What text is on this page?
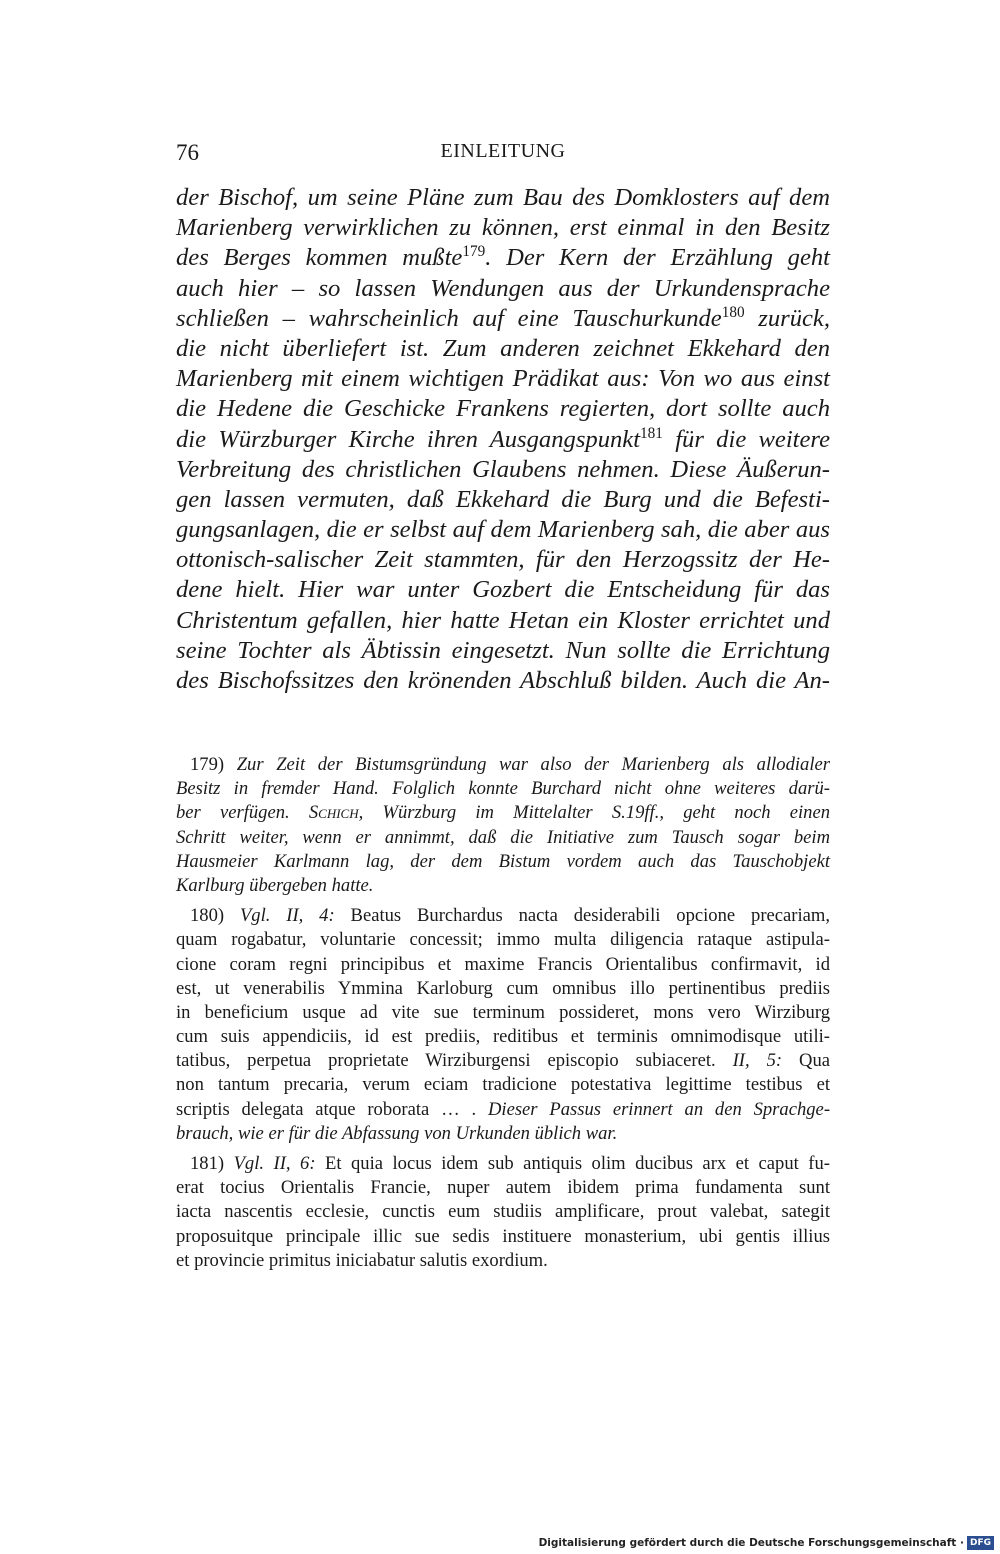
76	EINLEITUNG
der Bischof, um seine Pläne zum Bau des Domklosters auf dem
Marienberg verwirklichen zu können, erst einmal in den Besitz
des Berges kommen mußte$^{179}$. Der Kern der Erzählung geht
auch hier – so lassen Wendungen aus der Urkundensprache
schließen – wahrscheinlich auf eine Tauschurkunde$^{180}$ zurück,
die nicht überliefert ist. Zum anderen zeichnet Ekkehard den
Marienberg mit einem wichtigen Prädikat aus: Von wo aus einst
die Hedene die Geschicke Frankens regierten, dort sollte auch
die Würzburger Kirche ihren Ausgangspunkt$^{181}$ für die weitere
Verbreitung des christlichen Glaubens nehmen. Diese Äußerun-
gen lassen vermuten, daß Ekkehard die Burg und die Befesti-
gungsanlagen, die er selbst auf dem Marienberg sah, die aber aus
ottonisch-salischer Zeit stammten, für den Herzogssitz der He-
dene hielt. Hier war unter Gozbert die Entscheidung für das
Christentum gefallen, hier hatte Hetan ein Kloster errichtet und
seine Tochter als Äbtissin eingesetzt. Nun sollte die Errichtung
des Bischofssitzes den krönenden Abschluß bilden. Auch die An-
179) Zur Zeit der Bistumsgründung war also der Marienberg als allodialer
Besitz in fremder Hand. Folglich konnte Burchard nicht ohne weiteres darü-
ber verfügen. Schich, Würzburg im Mittelalter S.19ff., geht noch einen
Schritt weiter, wenn er annimmt, daß die Initiative zum Tausch sogar beim
Hausmeier Karlmann lag, der dem Bistum vordem auch das Tauschobjekt
Karlburg übergeben hatte.
180) Vgl. II, 4: Beatus Burchardus nacta desiderabili opcione precariam,
quam rogabatur, voluntarie concessit; immo multa diligencia rataque astipula-
cione coram regni principibus et maxime Francis Orientalibus confirmavit, id
est, ut venerabilis Ymmina Karloburg cum omnibus illo pertinentibus prediis
in beneficium usque ad vite sue terminum possideret, mons vero Wirziburg
cum suis appendiciis, id est prediis, reditibus et terminis omnimodisque utili-
tatibus, perpetua proprietate Wirziburgensi episcopio subiaceret. II, 5: Qua
non tantum precaria, verum eciam tradicione potestativa legittime testibus et
scriptis delegata atque roborata … . Dieser Passus erinnert an den Sprachge-
brauch, wie er für die Abfassung von Urkunden üblich war.
181) Vgl. II, 6: Et quia locus idem sub antiquis olim ducibus arx et caput fu-
erat tocius Orientalis Francie, nuper autem ibidem prima fundamenta sunt
iacta nascentis ecclesie, cunctis eum studiis amplificare, prout valebat, sategit
proposuitque principale illic sue sedis instituere monasterium, ubi gentis illius
et provincie primitus iniciabatur salutis exordium.
Digitalisierung gefördert durch die Deutsche Forschungsgemeinschaft · DFG
